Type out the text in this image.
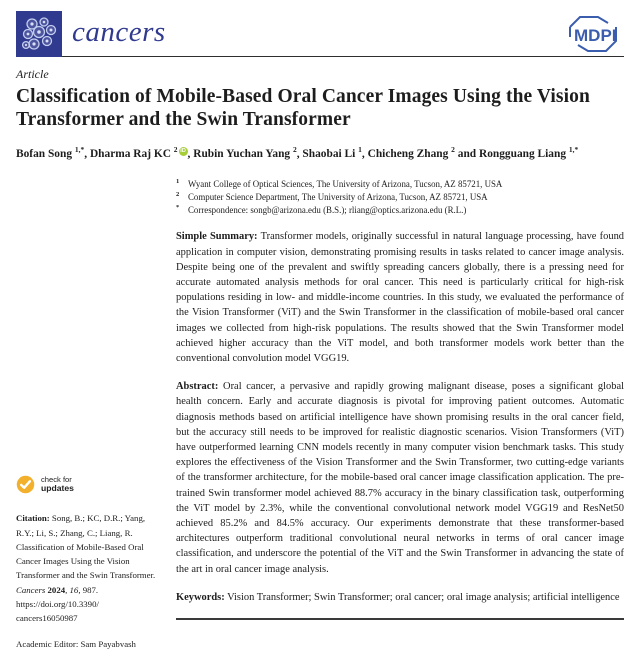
cancers	MDPI
Article
Classification of Mobile-Based Oral Cancer Images Using the Vision Transformer and the Swin Transformer
Bofan Song $^{1,*}$, Dharma Raj KC $^2$ iD , Rubin Yuchan Yang $^2$, Shaobai Li $^1$, Chicheng Zhang $^2$ and Rongguang Liang $^{1,*}$
check for
updates

Citation: Song, B.; KC, D.R.; Yang, R.Y.; Li, S.; Zhang, C.; Liang, R. Classification of Mobile-Based Oral Cancer Images Using the Vision Transformer and the Swin Transformer. Cancers 2024, 16, 987. https://doi.org/10.3390/ cancers16050987

Academic Editor: Sam Payabvash

1 Wyant College of Optical Sciences, The University of Arizona, Tucson, AZ 85721, USA
2 Computer Science Department, The University of Arizona, Tucson, AZ 85721, USA
* Correspondence: songb@arizona.edu (B.S.); rliang@optics.arizona.edu (R.L.)

Simple Summary: Transformer models, originally successful in natural language processing, have found application in computer vision, demonstrating promising results in tasks related to cancer image analysis. Despite being one of the prevalent and swiftly spreading cancers globally, there is a pressing need for accurate automated analysis methods for oral cancer. This need is particularly critical for high-risk populations residing in low- and middle-income countries. In this study, we evaluated the performance of the Vision Transformer (ViT) and the Swin Transformer in the classification of mobile-based oral cancer images we collected from high-risk populations. The results showed that the Swin Transformer model achieved higher accuracy than the ViT model, and both transformer models work better than the conventional convolution model VGG19.

Abstract: Oral cancer, a pervasive and rapidly growing malignant disease, poses a significant global health concern. Early and accurate diagnosis is pivotal for improving patient outcomes. Automatic diagnosis methods based on artificial intelligence have shown promising results in the oral cancer field, but the accuracy still needs to be improved for realistic diagnostic scenarios. Vision Transformers (ViT) have outperformed learning CNN models recently in many computer vision benchmark tasks. This study explores the effectiveness of the Vision Transformer and the Swin Transformer, two cutting-edge variants of the transformer architecture, for the mobile-based oral cancer image classification application. The pre-trained Swin transformer model achieved 88.7% accuracy in the binary classification task, outperforming the ViT model by 2.3%, while the conventional convolutional network model VGG19 and ResNet50 achieved 85.2% and 84.5% accuracy. Our experiments demonstrate that these transformer-based architectures outperform traditional convolutional neural networks in terms of oral cancer image classification, and underscore the potential of the ViT and the Swin Transformer in advancing the state of the art in oral cancer image analysis.

Keywords: Vision Transformer; Swin Transformer; oral cancer; oral image analysis; artificial intelligence
